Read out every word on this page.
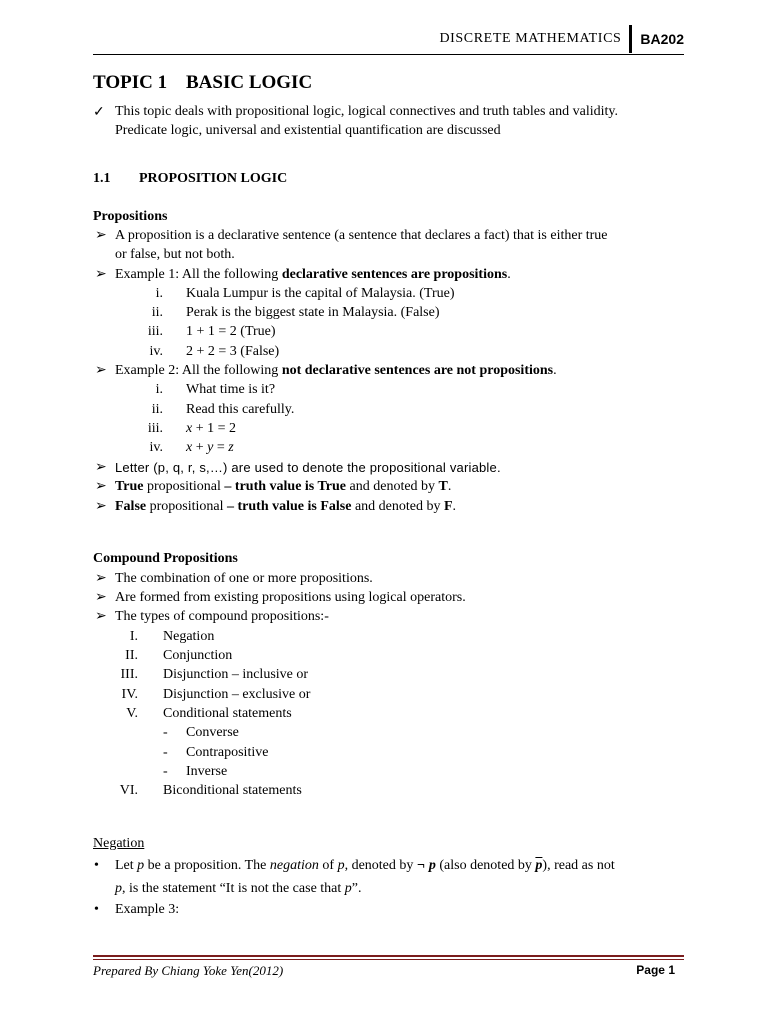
DISCRETE MATHEMATICS	BA202
TOPIC 1 BASIC LOGIC
✓ This topic deals with propositional logic, logical connectives and truth tables and validity.
Predicate logic, universal and existential quantification are discussed
1.1 PROPOSITION LOGIC
Propositions
➢ A proposition is a declarative sentence (a sentence that declares a fact) that is either true
or false, but not both.
➢ Example 1: All the following declarative sentences are propositions.
i. Kuala Lumpur is the capital of Malaysia. (True)
ii. Perak is the biggest state in Malaysia. (False)
iii. 1 + 1 = 2 (True)
iv. 2 + 2 = 3 (False)
➢ Example 2: All the following not declarative sentences are not propositions.
i. What time is it?
ii. Read this carefully.
iii. x + 1 = 2
iv. x + y = z
➢ Letter (p, q, r, s,…) are used to denote the propositional variable.
➢ True propositional – truth value is True and denoted by T.
➢ False propositional – truth value is False and denoted by F.
Compound Propositions
➢ The combination of one or more propositions.
➢ Are formed from existing propositions using logical operators.
➢ The types of compound propositions:-
I. Negation
II. Conjunction
III. Disjunction – inclusive or
IV. Disjunction – exclusive or
V. Conditional statements
-	Converse
-	Contrapositive
-	Inverse
VI. Biconditional statements
Negation
• Let p be a proposition. The negation of p, denoted by ¬ p (also denoted by $\overline{p}$), read as not
p, is the statement “It is not the case that p”.
• Example 3:
Prepared By Chiang Yoke Yen(2012)	Page 1
